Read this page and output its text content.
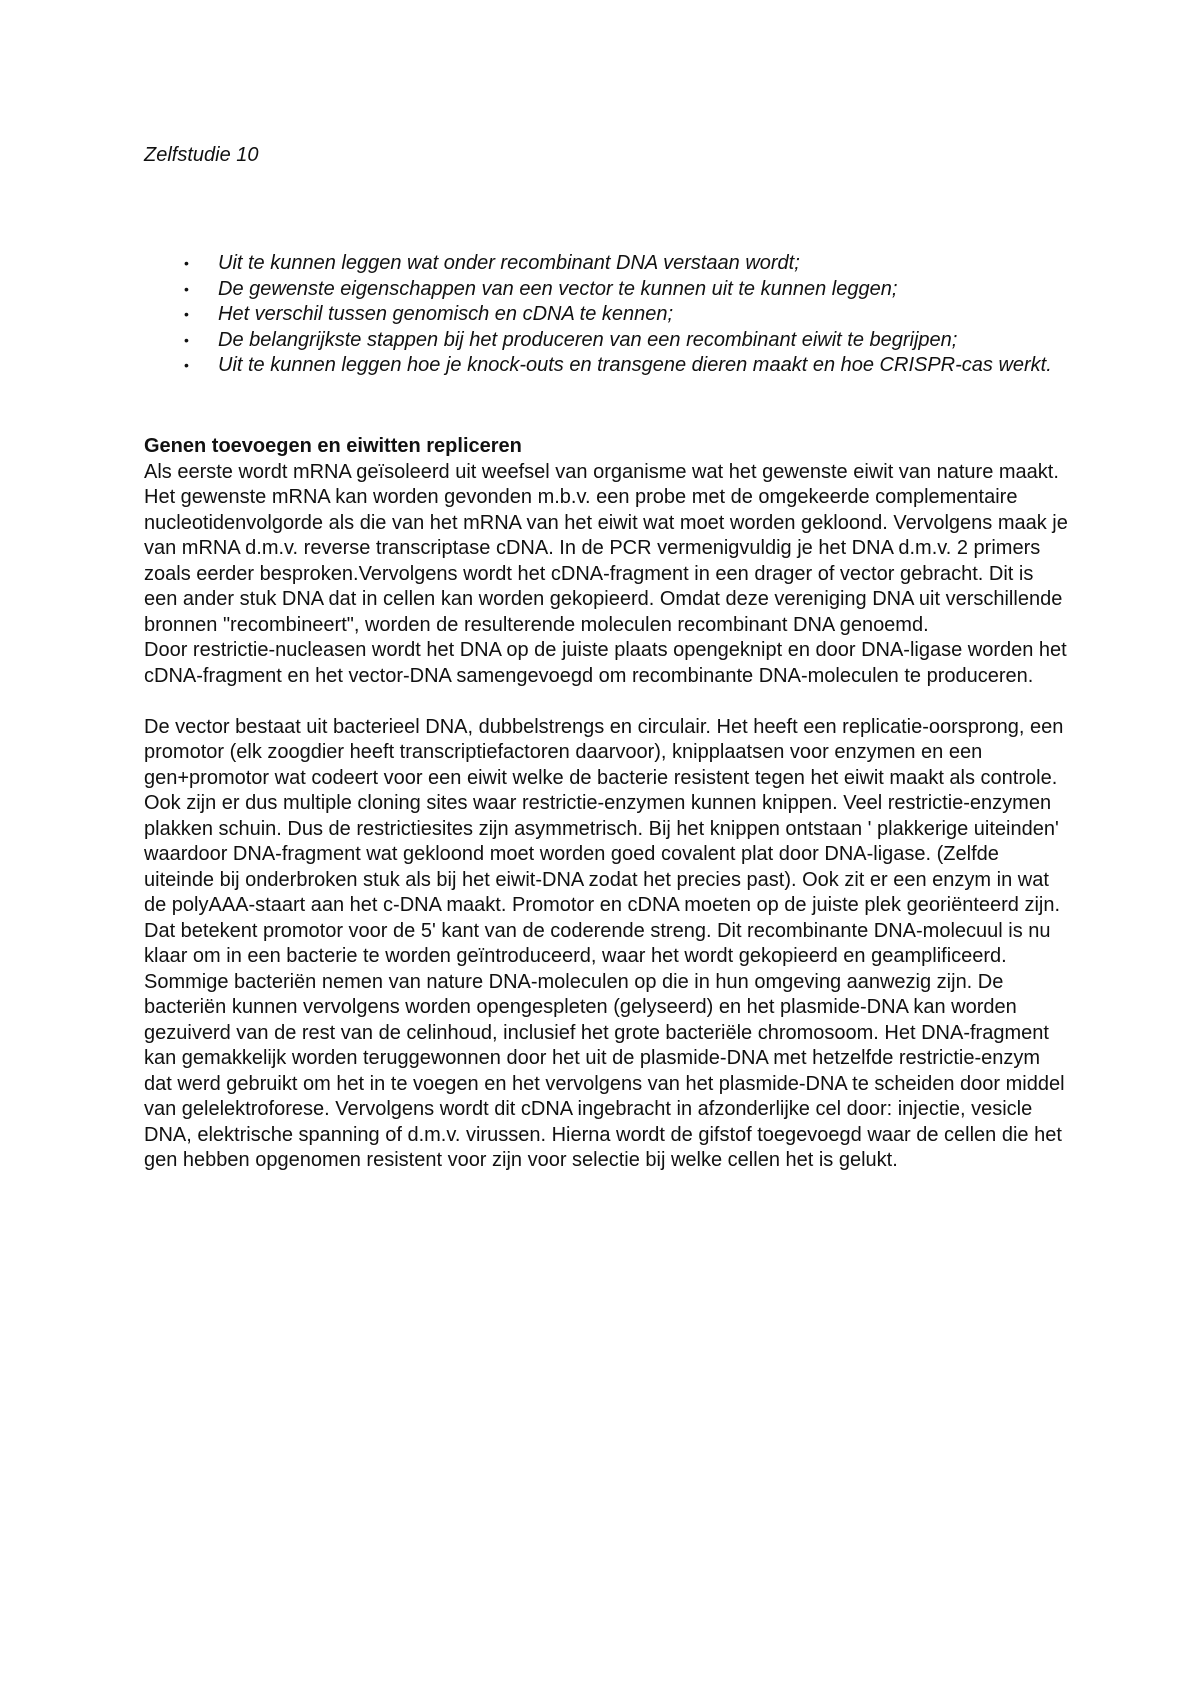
Zelfstudie 10
• Uit te kunnen leggen wat onder recombinant DNA verstaan wordt;
• De gewenste eigenschappen van een vector te kunnen uit te kunnen leggen;
• Het verschil tussen genomisch en cDNA te kennen;
• De belangrijkste stappen bij het produceren van een recombinant eiwit te begrijpen;
• Uit te kunnen leggen hoe je knock-outs en transgene dieren maakt en hoe CRISPR-cas werkt.
Genen toevoegen en eiwitten repliceren

Als eerste wordt mRNA geïsoleerd uit weefsel van organisme wat het gewenste eiwit van nature maakt. Het gewenste mRNA kan worden gevonden m.b.v. een probe met de omgekeerde complementaire nucleotidenvolgorde als die van het mRNA van het eiwit wat moet worden gekloond. Vervolgens maak je van mRNA d.m.v. reverse transcriptase cDNA. In de PCR vermenigvuldig je het DNA d.m.v. 2 primers zoals eerder besproken.Vervolgens wordt het cDNA-fragment in een drager of vector gebracht. Dit is een ander stuk DNA dat in cellen kan worden gekopieerd. Omdat deze vereniging DNA uit verschillende bronnen "recombineert", worden de resulterende moleculen recombinant DNA genoemd.

Door restrictie-nucleasen wordt het DNA op de juiste plaats opengeknipt en door DNA-ligase worden het cDNA-fragment en het vector-DNA samengevoegd om recombinante DNA-moleculen te produceren.

De vector bestaat uit bacterieel DNA, dubbelstrengs en circulair. Het heeft een replicatie-oorsprong, een promotor (elk zoogdier heeft transcriptiefactoren daarvoor), knipplaatsen voor enzymen en een gen+promotor wat codeert voor een eiwit welke de bacterie resistent tegen het eiwit maakt als controle. Ook zijn er dus multiple cloning sites waar restrictie-enzymen kunnen knippen. Veel restrictie-enzymen plakken schuin. Dus de restrictiesites zijn asymmetrisch. Bij het knippen ontstaan ' plakkerige uiteinden' waardoor DNA-fragment wat gekloond moet worden goed covalent plat door DNA-ligase. (Zelfde uiteinde bij onderbroken stuk als bij het eiwit-DNA zodat het precies past). Ook zit er een enzym in wat de polyAAA-staart aan het c-DNA maakt. Promotor en cDNA moeten op de juiste plek georiënteerd zijn. Dat betekent promotor voor de 5' kant van de coderende streng. Dit recombinante DNA-molecuul is nu klaar om in een bacterie te worden geïntroduceerd, waar het wordt gekopieerd en geamplificeerd. Sommige bacteriën nemen van nature DNA-moleculen op die in hun omgeving aanwezig zijn. De bacteriën kunnen vervolgens worden opengespleten (gelyseerd) en het plasmide-DNA kan worden gezuiverd van de rest van de celinhoud, inclusief het grote bacteriële chromosoom. Het DNA-fragment kan gemakkelijk worden teruggewonnen door het uit de plasmide-DNA met hetzelfde restrictie-enzym dat werd gebruikt om het in te voegen en het vervolgens van het plasmide-DNA te scheiden door middel van gelelektroforese. Vervolgens wordt dit cDNA ingebracht in afzonderlijke cel door: injectie, vesicle DNA, elektrische spanning of d.m.v. virussen. Hierna wordt de gifstof toegevoegd waar de cellen die het gen hebben opgenomen resistent voor zijn voor selectie bij welke cellen het is gelukt.
